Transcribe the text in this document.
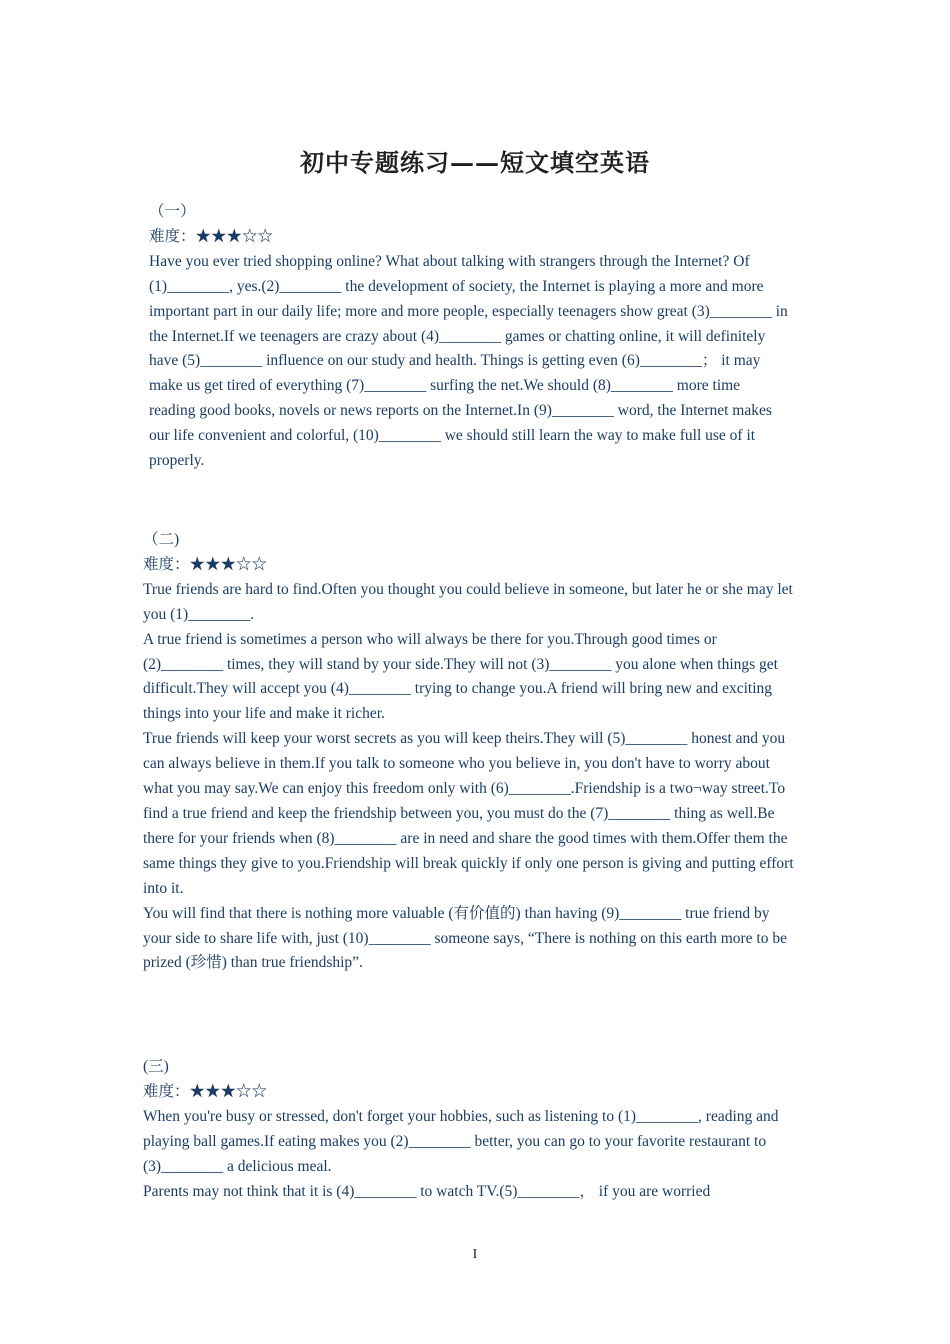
初中专题练习——短文填空英语
（一）
难度：★★★☆☆

Have you ever tried shopping online? What about talking with strangers through the Internet? Of (1)________, yes.(2)________ the development of society, the Internet is playing a more and more important part in our daily life; more and more people, especially teenagers show great (3)________ in the Internet.If we teenagers are crazy about (4)________ games or chatting online, it will definitely have (5)________ influence on our study and health. Things is getting even (6)________； it may make us get tired of everything (7)________ surfing the net.We should (8)________ more time reading good books, novels or news reports on the Internet.In (9)________ word, the Internet makes our life convenient and colorful, (10)________ we should still learn the way to make full use of it properly.

（二)
难度：★★★☆☆

True friends are hard to find.Often you thought you could believe in someone, but later he or she may let you (1)________.

A true friend is sometimes a person who will always be there for you.Through good times or (2)________ times, they will stand by your side.They will not (3)________ you alone when things get difficult.They will accept you (4)________ trying to change you.A friend will bring new and exciting things into your life and make it richer.

True friends will keep your worst secrets as you will keep theirs.They will (5)________ honest and you can always believe in them.If you talk to someone who you believe in, you don't have to worry about what you may say.We can enjoy this freedom only with (6)________.Friendship is a two¬way street.To find a true friend and keep the friendship between you, you must do the (7)________ thing as well.Be there for your friends when (8)________ are in need and share the good times with them.Offer them the same things they give to you.Friendship will break quickly if only one person is giving and putting effort into it.

You will find that there is nothing more valuable (有价值的) than having (9)________ true friend by your side to share life with, just (10)________ someone says, “There is nothing on this earth more to be prized (珍惜) than true friendship”.

(三)
难度：★★★☆☆

When you're busy or stressed, don't forget your hobbies, such as listening to (1)________, reading and playing ball games.If eating makes you (2)________ better, you can go to your favorite restaurant to (3)________ a delicious meal.

Parents may not think that it is (4)________ to watch TV.(5)________， if you are worried

I
